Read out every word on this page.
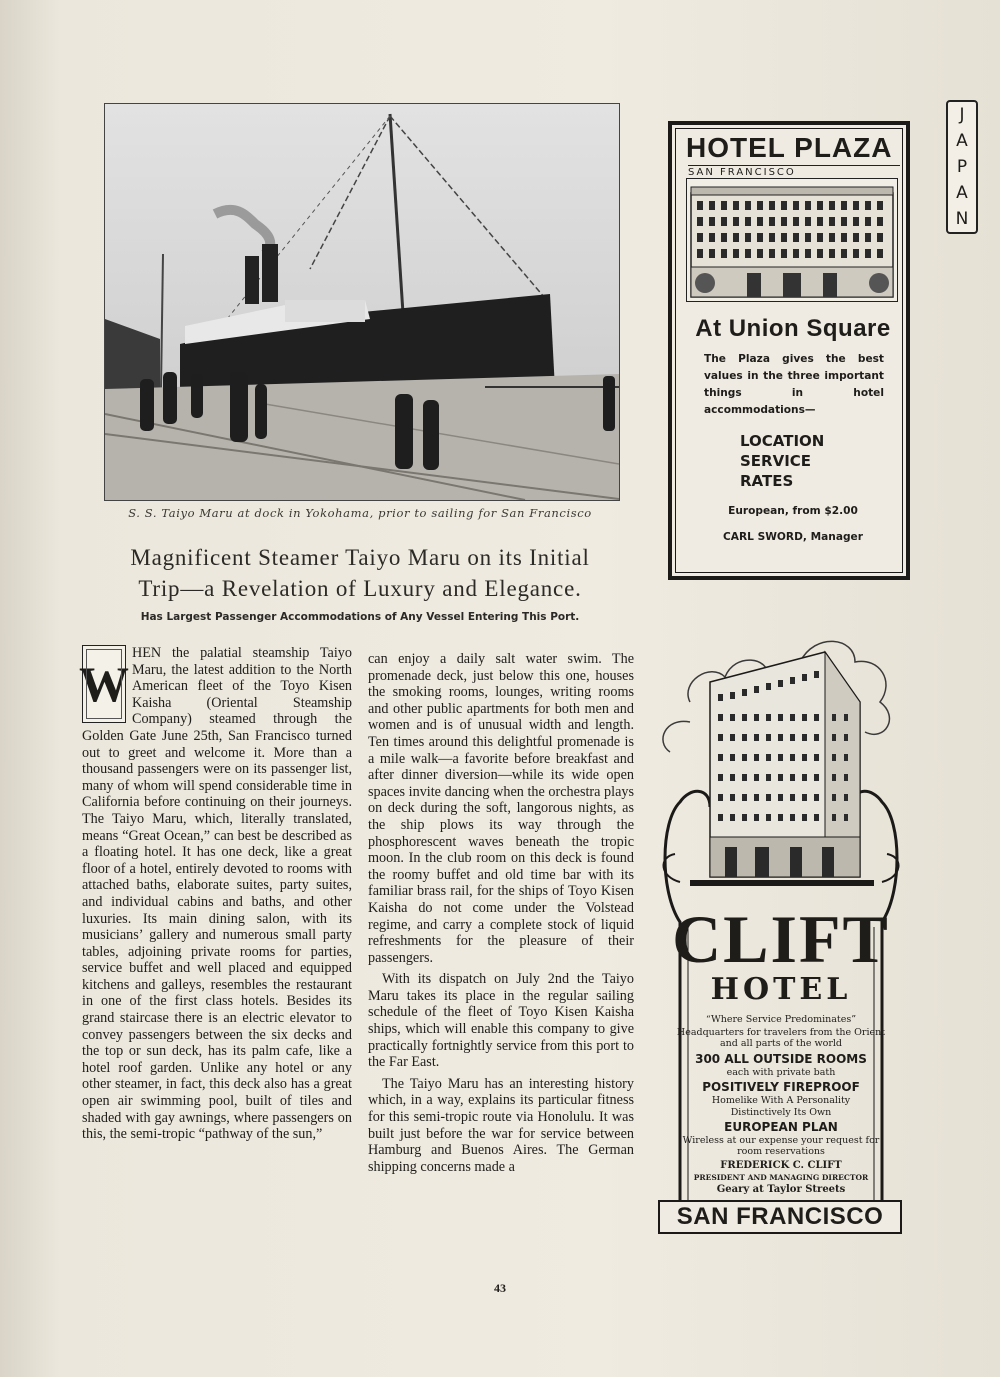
J
A
P
A
N
S. S. Taiyo Maru at dock in Yokohama, prior to sailing for San Francisco
Magnificent Steamer Taiyo Maru on its Initial
Trip—a Revelation of Luxury and Elegance.
Has Largest Passenger Accommodations of Any Vessel Entering This Port.
W

HEN the palatial steamship Taiyo Maru, the latest addition to the North American fleet of the Toyo Kisen Kaisha (Oriental Steamship Company) steamed through the Golden Gate June 25th, San Francisco turned out to greet and welcome it. More than a thousand passengers were on its passenger list, many of whom will spend considerable time in California before continuing on their journeys. The Taiyo Maru, which, literally translated, means “Great Ocean,” can best be described as a floating hotel. It has one deck, like a great floor of a hotel, entirely devoted to rooms with attached baths, elaborate suites, party suites, and individual cabins and baths, and other luxuries. Its main dining salon, with its musicians’ gallery and numerous small party tables, adjoining private rooms for parties, service buffet and well placed and equipped kitchens and galleys, resembles the restaurant in one of the first class hotels. Besides its grand staircase there is an electric elevator to convey passengers between the six decks and the top or sun deck, has its palm cafe, like a hotel roof garden. Unlike any hotel or any other steamer, in fact, this deck also has a great open air swimming pool, built of tiles and shaded with gay awnings, where passengers on this, the semi-tropic “pathway of the sun,”

can enjoy a daily salt water swim. The promenade deck, just below this one, houses the smoking rooms, lounges, writing rooms and other public apartments for both men and women and is of unusual width and length. Ten times around this delightful promenade is a mile walk—a favorite before breakfast and after dinner diversion—while its wide open spaces invite dancing when the orchestra plays on deck during the soft, langorous nights, as the ship plows its way through the phosphorescent waves beneath the tropic moon. In the club room on this deck is found the roomy buffet and old time bar with its familiar brass rail, for the ships of Toyo Kisen Kaisha do not come under the Volstead regime, and carry a complete stock of liquid refreshments for the pleasure of their passengers.

With its dispatch on July 2nd the Taiyo Maru takes its place in the regular sailing schedule of the fleet of Toyo Kisen Kaisha ships, which will enable this company to give practically fortnightly service from this port to the Far East.

The Taiyo Maru has an interesting history which, in a way, explains its particular fitness for this semi-tropic route via Honolulu. It was built just before the war for service between Hamburg and Buenos Aires. The German shipping concerns made a

43
HOTEL PLAZA
SAN FRANCISCO
At Union Square
The Plaza gives the best values in the three important things in hotel accommodations—
LOCATION
SERVICE
RATES
European, from $2.00
CARL SWORD, Manager
CLIFT
HOTEL
“Where Service Predominates”
Headquarters for travelers from the Orient and all parts of the world
300 ALL OUTSIDE ROOMS
each with private bath
POSITIVELY FIREPROOF
Homelike With A Personality
Distinctively Its Own
EUROPEAN PLAN
Wireless at our expense your request for room reservations
FREDERICK C. CLIFT
PRESIDENT AND MANAGING DIRECTOR
Geary at Taylor Streets
SAN FRANCISCO
